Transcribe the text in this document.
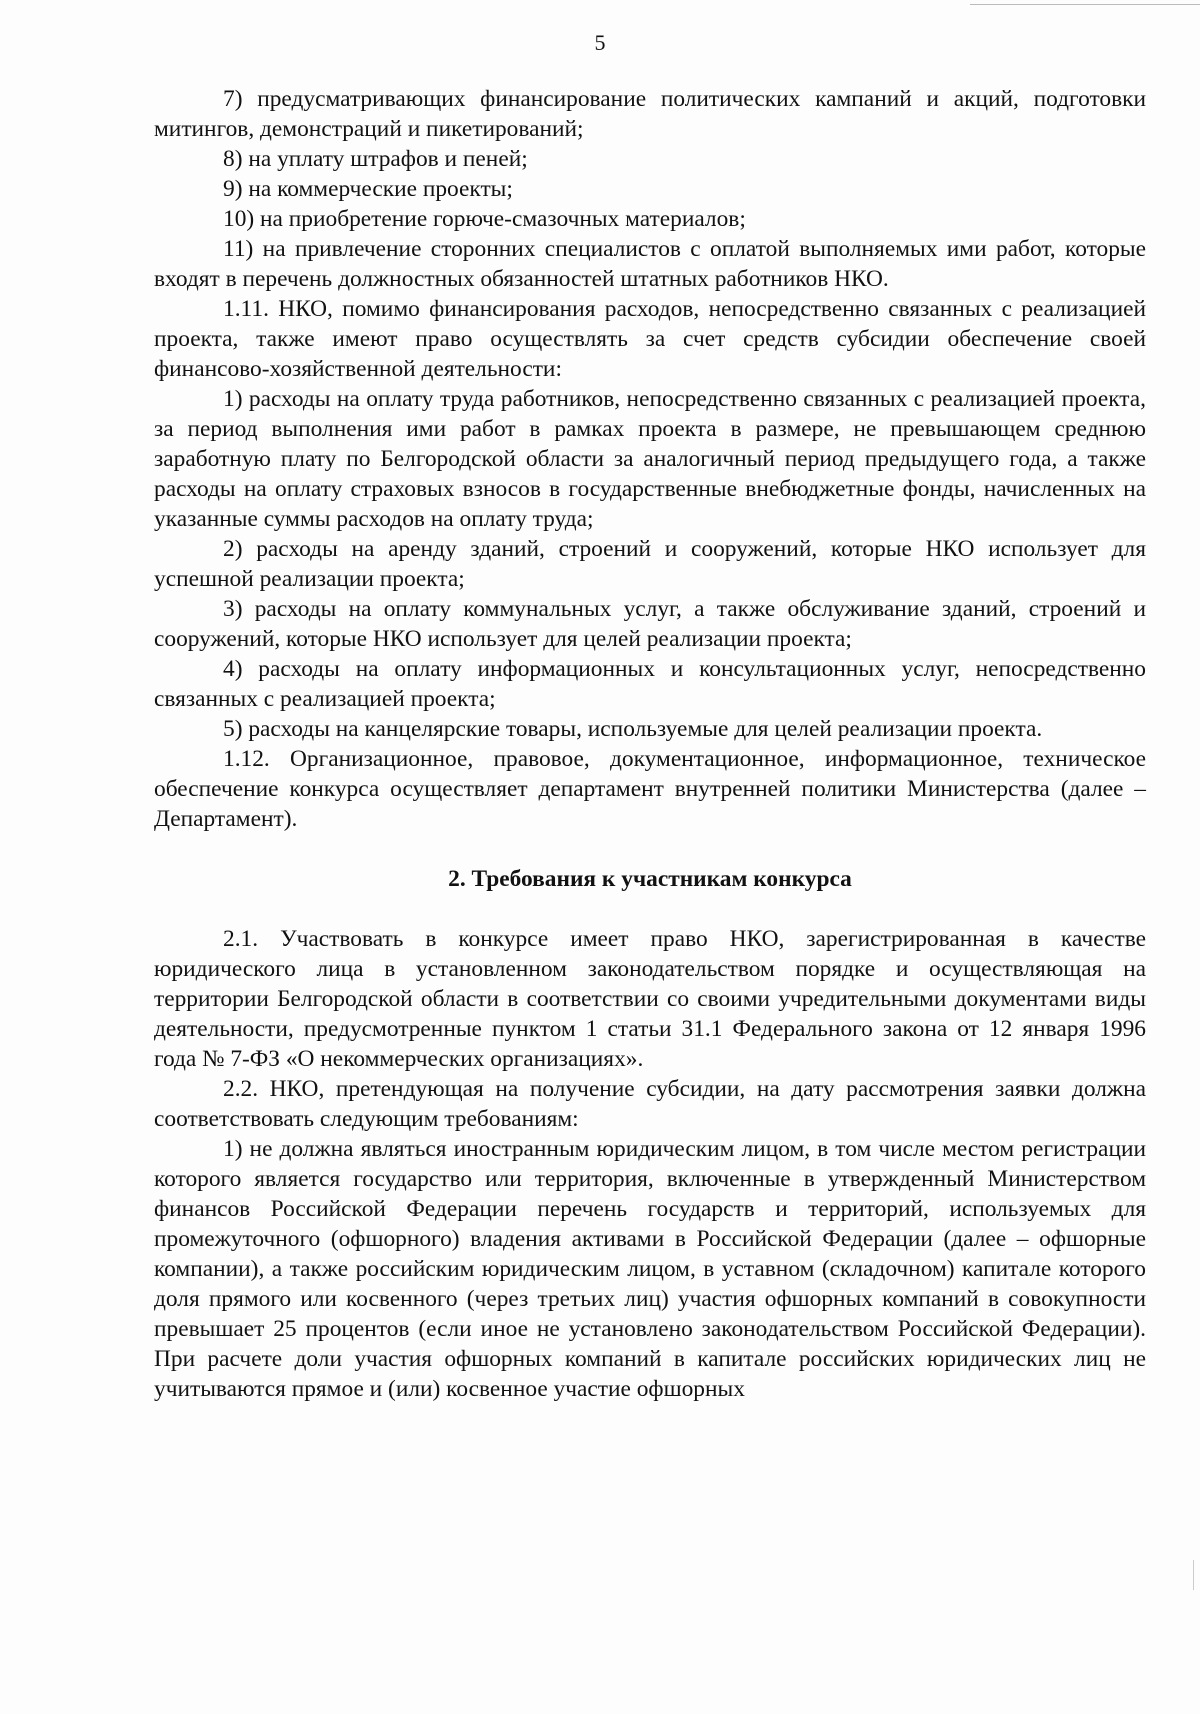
5

7) предусматривающих финансирование политических кампаний и акций, подготовки митингов, демонстраций и пикетирований;

8) на уплату штрафов и пеней;

9) на коммерческие проекты;

10) на приобретение горюче-смазочных материалов;

11) на привлечение сторонних специалистов с оплатой выполняемых ими работ, которые входят в перечень должностных обязанностей штатных работников НКО.

1.11. НКО, помимо финансирования расходов, непосредственно связанных с реализацией проекта, также имеют право осуществлять за счет средств субсидии обеспечение своей финансово-хозяйственной деятельности:

1) расходы на оплату труда работников, непосредственно связанных с реализацией проекта, за период выполнения ими работ в рамках проекта в размере, не превышающем среднюю заработную плату по Белгородской области за аналогичный период предыдущего года, а также расходы на оплату страховых взносов в государственные внебюджетные фонды, начисленных на указанные суммы расходов на оплату труда;

2) расходы на аренду зданий, строений и сооружений, которые НКО использует для успешной реализации проекта;

3) расходы на оплату коммунальных услуг, а также обслуживание зданий, строений и сооружений, которые НКО использует для целей реализации проекта;

4) расходы на оплату информационных и консультационных услуг, непосредственно связанных с реализацией проекта;

5) расходы на канцелярские товары, используемые для целей реализации проекта.

1.12. Организационное, правовое, документационное, информационное, техническое обеспечение конкурса осуществляет департамент внутренней политики Министерства (далее – Департамент).

2. Требования к участникам конкурса

2.1. Участвовать в конкурсе имеет право НКО, зарегистрированная в качестве юридического лица в установленном законодательством порядке и осуществляющая на территории Белгородской области в соответствии со своими учредительными документами виды деятельности, предусмотренные пунктом 1 статьи 31.1 Федерального закона от 12 января 1996 года № 7-ФЗ «О некоммерческих организациях».

2.2. НКО, претендующая на получение субсидии, на дату рассмотрения заявки должна соответствовать следующим требованиям:

1) не должна являться иностранным юридическим лицом, в том числе местом регистрации которого является государство или территория, включенные в утвержденный Министерством финансов Российской Федерации перечень государств и территорий, используемых для промежуточного (офшорного) владения активами в Российской Федерации (далее – офшорные компании), а также российским юридическим лицом, в уставном (складочном) капитале которого доля прямого или косвенного (через третьих лиц) участия офшорных компаний в совокупности превышает 25 процентов (если иное не установлено законодательством Российской Федерации). При расчете доли участия офшорных компаний в капитале российских юридических лиц не учитываются прямое и (или) косвенное участие офшорных
